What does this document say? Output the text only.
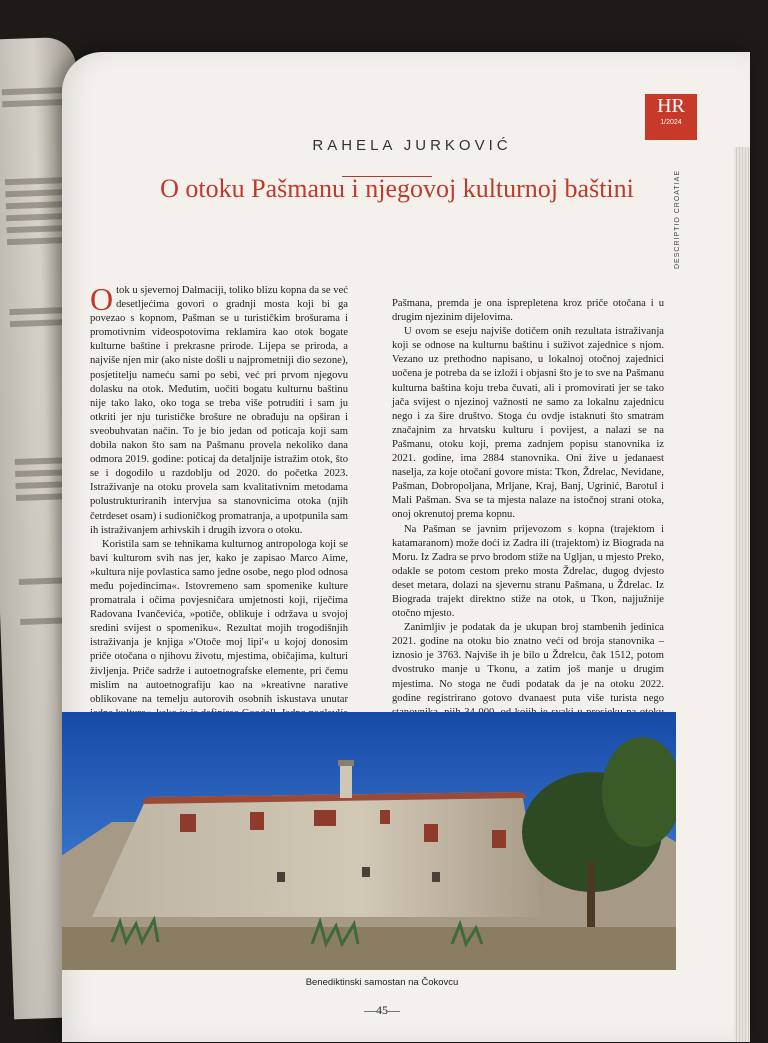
HR
1/2024
DESCRIPTIO CROATIAE
RAHELA JURKOVIĆ
O otoku Pašmanu i njegovoj kulturnoj baštini

Otok u sjevernoj Dalmaciji, toliko blizu kopna da se već desetljećima govori o gradnji mosta koji bi ga povezao s kopnom, Pašman se u turističkim brošurama i promotivnim videospotovima reklamira kao otok bogate kulturne baštine i prekrasne prirode. Lijepa se priroda, a najviše njen mir (ako niste došli u najprometniji dio sezone), posjetitelju nameću sami po sebi, već pri prvom njegovu dolasku na otok. Međutim, uočiti bogatu kulturnu baštinu nije tako lako, oko toga se treba više potruditi i sam ju otkriti jer nju turističke brošure ne obrađuju na opširan i sveobuhvatan način. To je bio jedan od poticaja koji sam dobila nakon što sam na Pašmanu provela nekoliko dana odmora 2019. godine: poticaj da detaljnije istražim otok, što se i dogodilo u razdoblju od 2020. do početka 2023. Istraživanje na otoku provela sam kvalitativnim metodama polustrukturiranih intervjua sa stanovnicima otoka (njih četrdeset osam) i sudioničkog promatranja, a upotpunila sam ih istraživanjem arhivskih i drugih izvora o otoku.

Koristila sam se tehnikama kulturnog antropologa koji se bavi kulturom svih nas jer, kako je zapisao Marco Aime, »kultura nije povlastica samo jedne osobe, nego plod odnosa među pojedincima«. Istovremeno sam spomenike kulture promatrala i očima povjesničara umjetnosti koji, riječima Radovana Ivančevića, »potiče, oblikuje i održava u svojoj sredini svijest o spomeniku«. Rezultat mojih trogodišnjih istraživanja je knjiga »'Otoče moj lipi'« u kojoj donosim priče otočana o njihovu životu, mjestima, običajima, kulturi življenja. Priče sadrže i autoetnografske elemente, pri čemu mislim na autoetnografiju kao na »kreativne narative oblikovane na temelju autorovih osobnih iskustava unutar

Pašmana, premda je ona isprepletena kroz priče otočana i u drugim njezinim dijelovima.

U ovom se eseju najviše dotičem onih rezultata istraživanja koji se odnose na kulturnu baštinu i suživot zajednice s njom. Vezano uz prethodno napisano, u lokalnoj otočnoj zajednici uočena je potreba da se izloži i objasni što je to sve na Pašmanu kulturna baština koju treba čuvati, ali i promovirati jer se tako jača svijest o njezinoj važnosti ne samo za lokalnu zajednicu nego i za šire društvo. Stoga ću ovdje istaknuti što smatram značajnim za hrvatsku kulturu i povijest, a nalazi se na Pašmanu, otoku koji, prema zadnjem popisu stanovnika iz 2021. godine, ima 2884 stanovnika. Oni žive u jedanaest naselja, za koje otočani govore mista: Tkon, Ždrelac, Nevidane, Pašman, Dobropoljana, Mrljane, Kraj, Banj, Ugrinić, Barotul i Mali Pašman. Sva se ta mjesta nalaze na istočnoj strani otoka, onoj okrenutoj prema kopnu.

Na Pašman se javnim prijevozom s kopna (trajektom i katamaranom) može doći iz Zadra ili (trajektom) iz Biograda na Moru. Iz Zadra se prvo brodom stiže na Ugljan, u mjesto Preko, odakle se potom cestom preko mosta Ždrelac, dugog dvjesto deset metara, dolazi na sjevernu stranu Pašmana, u Ždrelac. Iz Biograda trajekt direktno stiže na otok, u Tkon, najjužnije otočno mjesto.

Zanimljiv je podatak da je ukupan broj stambenih jedinica 2021. godine na otoku bio znatno veći od broja stanovnika – iznosio je 3763. Najviše ih je bilo u Ždrelcu, čak 1512, potom dvostruko manje u Tkonu, a zatim još manje u drugim mjestima. No stoga ne čudi podatak da je na otoku 2022. godine registrirano gotovo dvanaest puta više turista nego

Benediktinski samostan na Čokovcu
—45—
